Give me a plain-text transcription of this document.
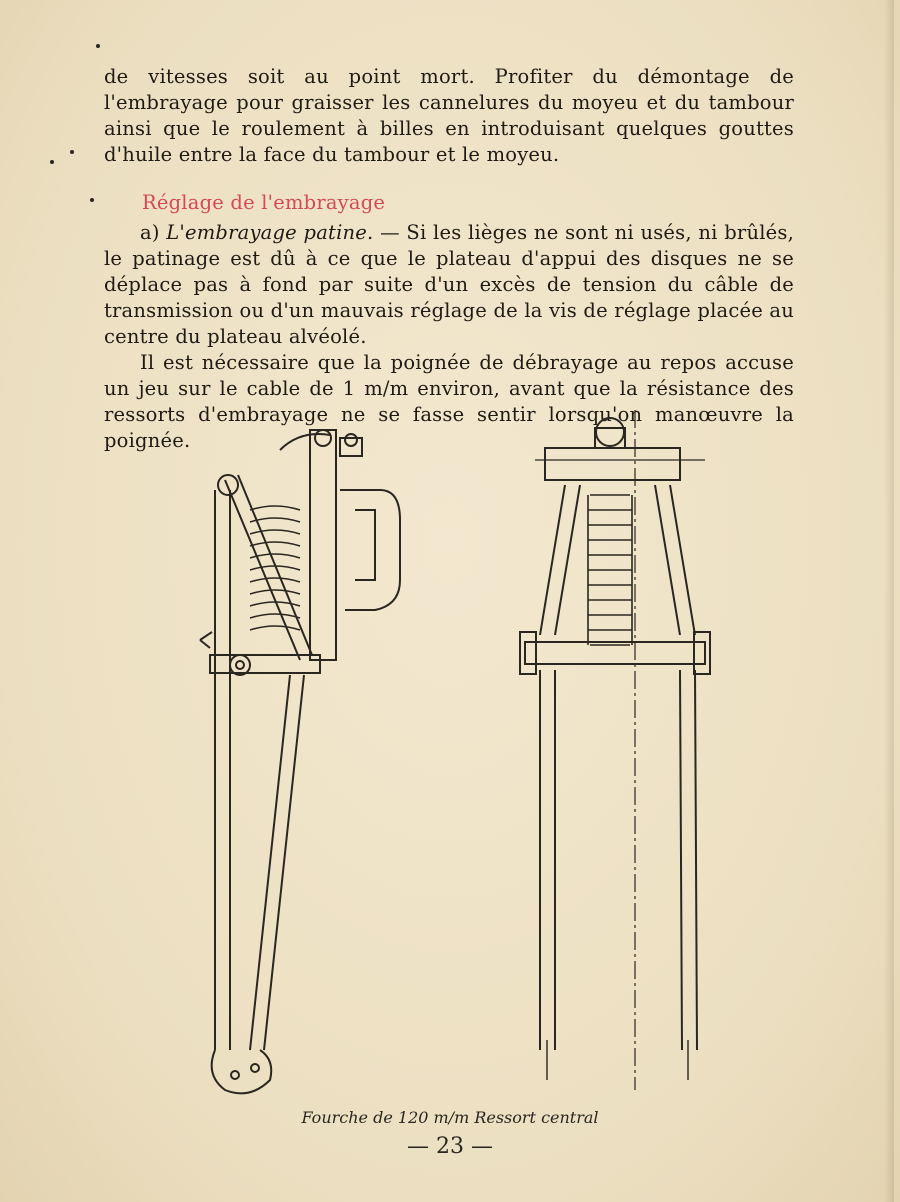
de vitesses soit au point mort. Profiter du démontage de l'embrayage pour graisser les cannelures du moyeu et du tambour ainsi que le roulement à billes en introduisant quelques gouttes d'huile entre la face du tambour et le moyeu.

Réglage de l'embrayage

a) L'embrayage patine. — Si les lièges ne sont ni usés, ni brûlés, le patinage est dû à ce que le plateau d'appui des disques ne se déplace pas à fond par suite d'un excès de tension du câble de transmission ou d'un mauvais réglage de la vis de réglage placée au centre du plateau alvéolé.

Il est nécessaire que la poignée de débrayage au repos accuse un jeu sur le cable de 1 m/m environ, avant que la résistance des ressorts d'embrayage ne se fasse sentir lorsqu'on manœuvre la poignée.

Fourche de 120 m/m Ressort central
— 23 —
